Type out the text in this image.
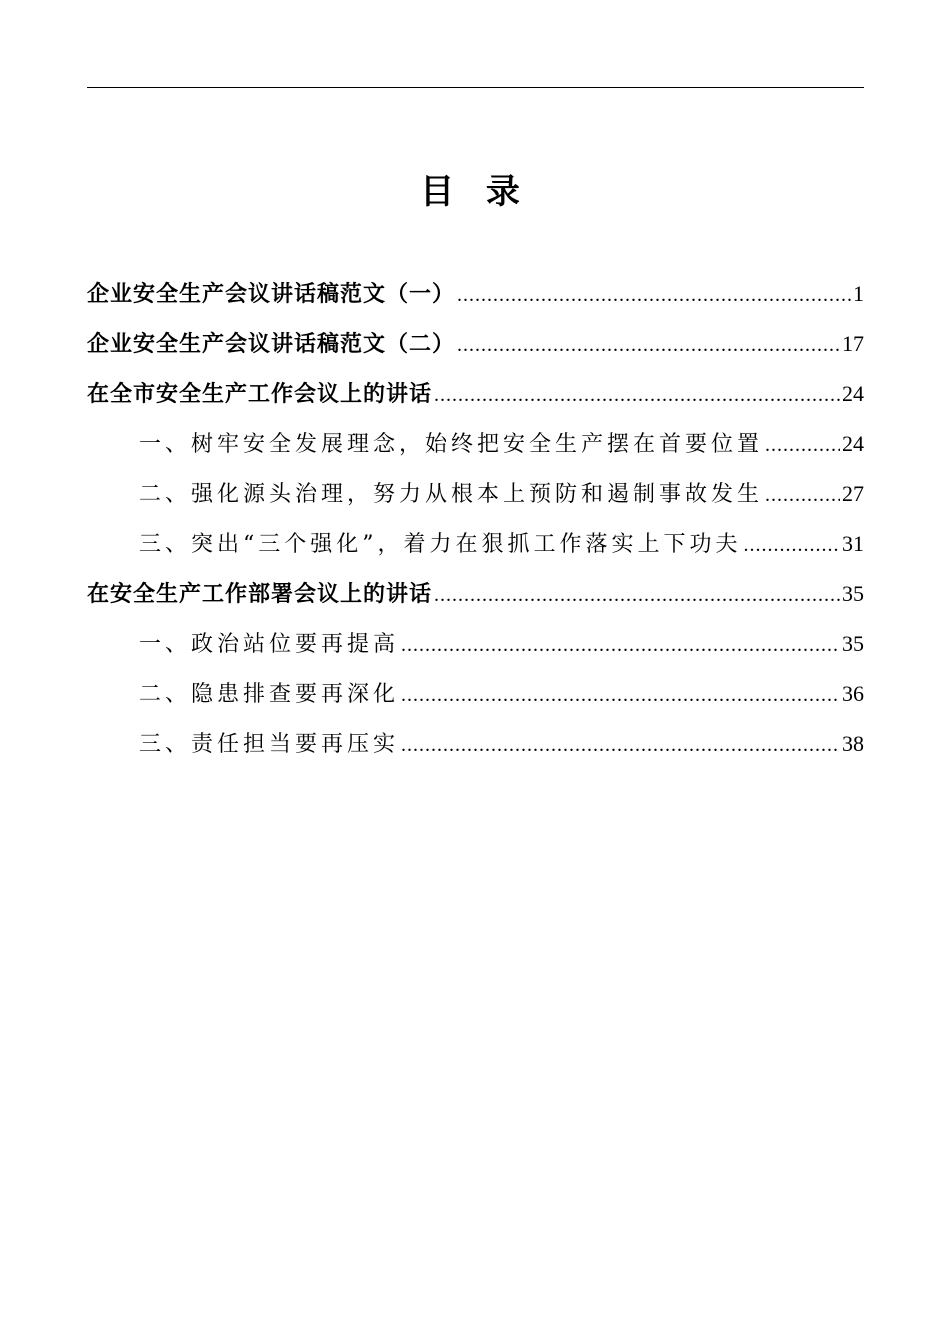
目 录
企业安全生产会议讲话稿范文（一） .....	1
企业安全生产会议讲话稿范文（二） .....	17
在全市安全生产工作会议上的讲话 .....	24
一、树牢安全发展理念，始终把安全生产摆在首要位置 .....	24
二、强化源头治理，努力从根本上预防和遏制事故发生 .....	27
三、突出“三个强化”，着力在狠抓工作落实上下功夫 .....	31
在安全生产工作部署会议上的讲话 .....	35
一、政治站位要再提高 .....	35
二、隐患排查要再深化 .....	36
三、责任担当要再压实 .....	38
